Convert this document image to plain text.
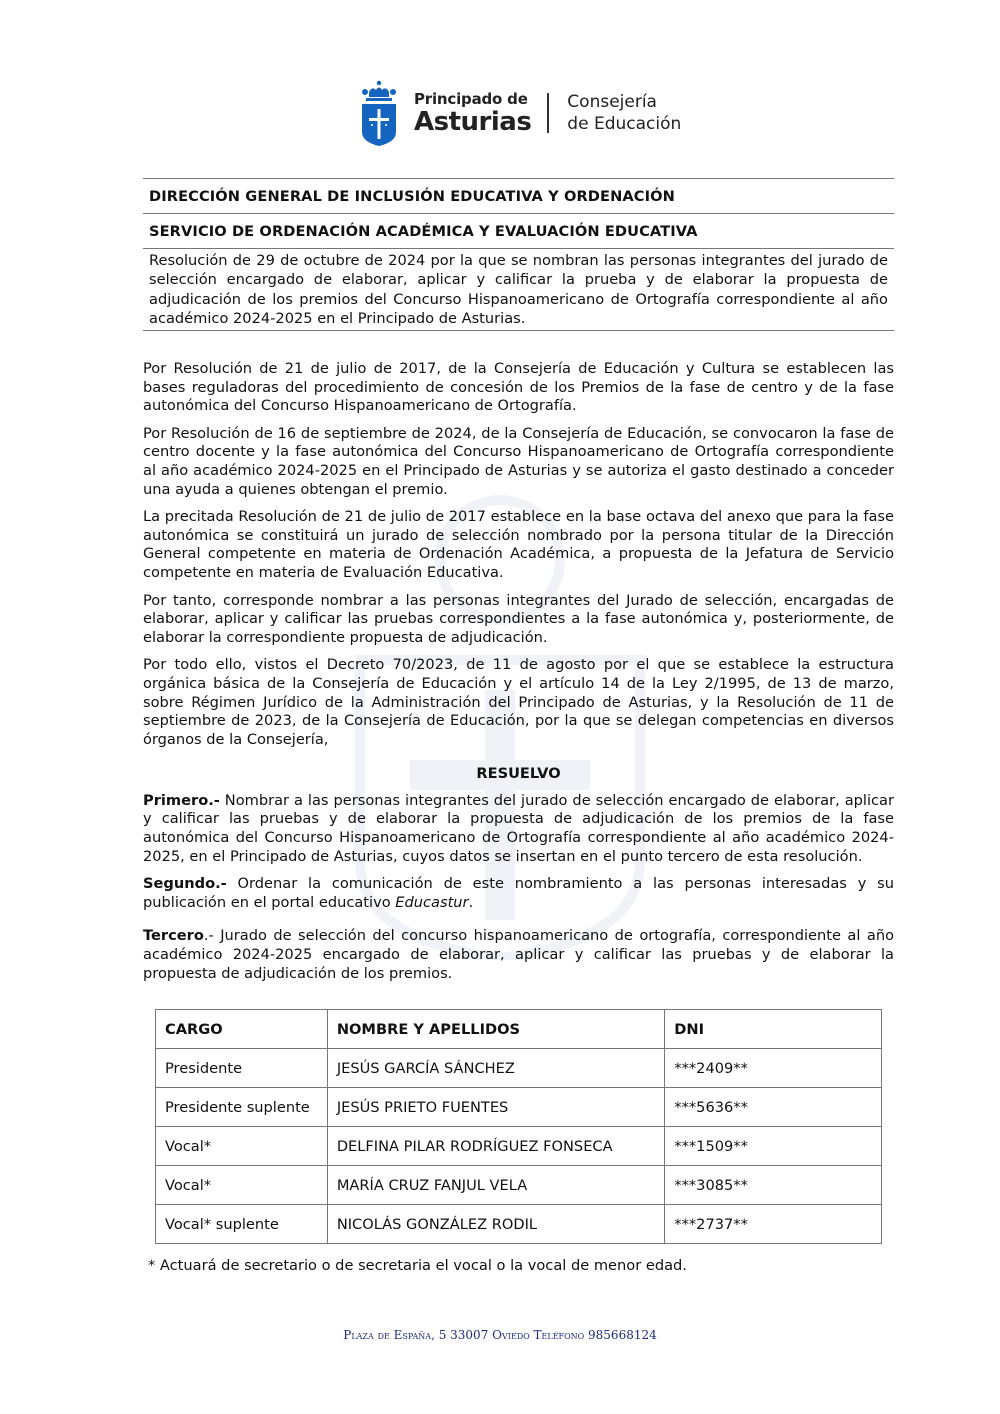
Principado de
Asturias
Consejería
de Educación
DIRECCIÓN GENERAL DE INCLUSIÓN EDUCATIVA Y ORDENACIÓN
SERVICIO DE ORDENACIÓN ACADÉMICA Y EVALUACIÓN EDUCATIVA
Resolución de 29 de octubre de 2024 por la que se nombran las personas integrantes del jurado de selección encargado de elaborar, aplicar y calificar la prueba y de elaborar la propuesta de adjudicación de los premios del Concurso Hispanoamericano de Ortografía correspondiente al año académico 2024-2025 en el Principado de Asturias.

Por Resolución de 21 de julio de 2017, de la Consejería de Educación y Cultura se establecen las bases reguladoras del procedimiento de concesión de los Premios de la fase de centro y de la fase autonómica del Concurso Hispanoamericano de Ortografía.

Por Resolución de 16 de septiembre de 2024, de la Consejería de Educación, se convocaron la fase de centro docente y la fase autonómica del Concurso Hispanoamericano de Ortografía correspondiente al año académico 2024-2025 en el Principado de Asturias y se autoriza el gasto destinado a conceder una ayuda a quienes obtengan el premio.

La precitada Resolución de 21 de julio de 2017 establece en la base octava del anexo que para la fase autonómica se constituirá un jurado de selección nombrado por la persona titular de la Dirección General competente en materia de Ordenación Académica, a propuesta de la Jefatura de Servicio competente en materia de Evaluación Educativa.

Por tanto, corresponde nombrar a las personas integrantes del Jurado de selección, encargadas de elaborar, aplicar y calificar las pruebas correspondientes a la fase autonómica y, posteriormente, de elaborar la correspondiente propuesta de adjudicación.

Por todo ello, vistos el Decreto 70/2023, de 11 de agosto por el que se establece la estructura orgánica básica de la Consejería de Educación y el artículo 14 de la Ley 2/1995, de 13 de marzo, sobre Régimen Jurídico de la Administración del Principado de Asturias, y la Resolución de 11 de septiembre de 2023, de la Consejería de Educación, por la que se delegan competencias en diversos órganos de la Consejería,

RESUELVO

Primero.- Nombrar a las personas integrantes del jurado de selección encargado de elaborar, aplicar y calificar las pruebas y de elaborar la propuesta de adjudicación de los premios de la fase autonómica del Concurso Hispanoamericano de Ortografía correspondiente al año académico 2024-2025, en el Principado de Asturias, cuyos datos se insertan en el punto tercero de esta resolución.

Segundo.- Ordenar la comunicación de este nombramiento a las personas interesadas y su publicación en el portal educativo Educastur.

Tercero.- Jurado de selección del concurso hispanoamericano de ortografía, correspondiente al año académico 2024-2025 encargado de elaborar, aplicar y calificar las pruebas y de elaborar la propuesta de adjudicación de los premios.

CARGO	NOMBRE Y APELLIDOS	DNI
Presidente	JESÚS GARCÍA SÁNCHEZ	***2409**
Presidente suplente	JESÚS PRIETO FUENTES	***5636**
Vocal*	DELFINA PILAR RODRÍGUEZ FONSECA	***1509**
Vocal*	MARÍA CRUZ FANJUL VELA	***3085**
Vocal* suplente	NICOLÁS GONZÁLEZ RODIL	***2737**
* Actuará de secretario o de secretaria el vocal o la vocal de menor edad.
Plaza de España, 5 33007 Oviedo Teléfono 985668124
